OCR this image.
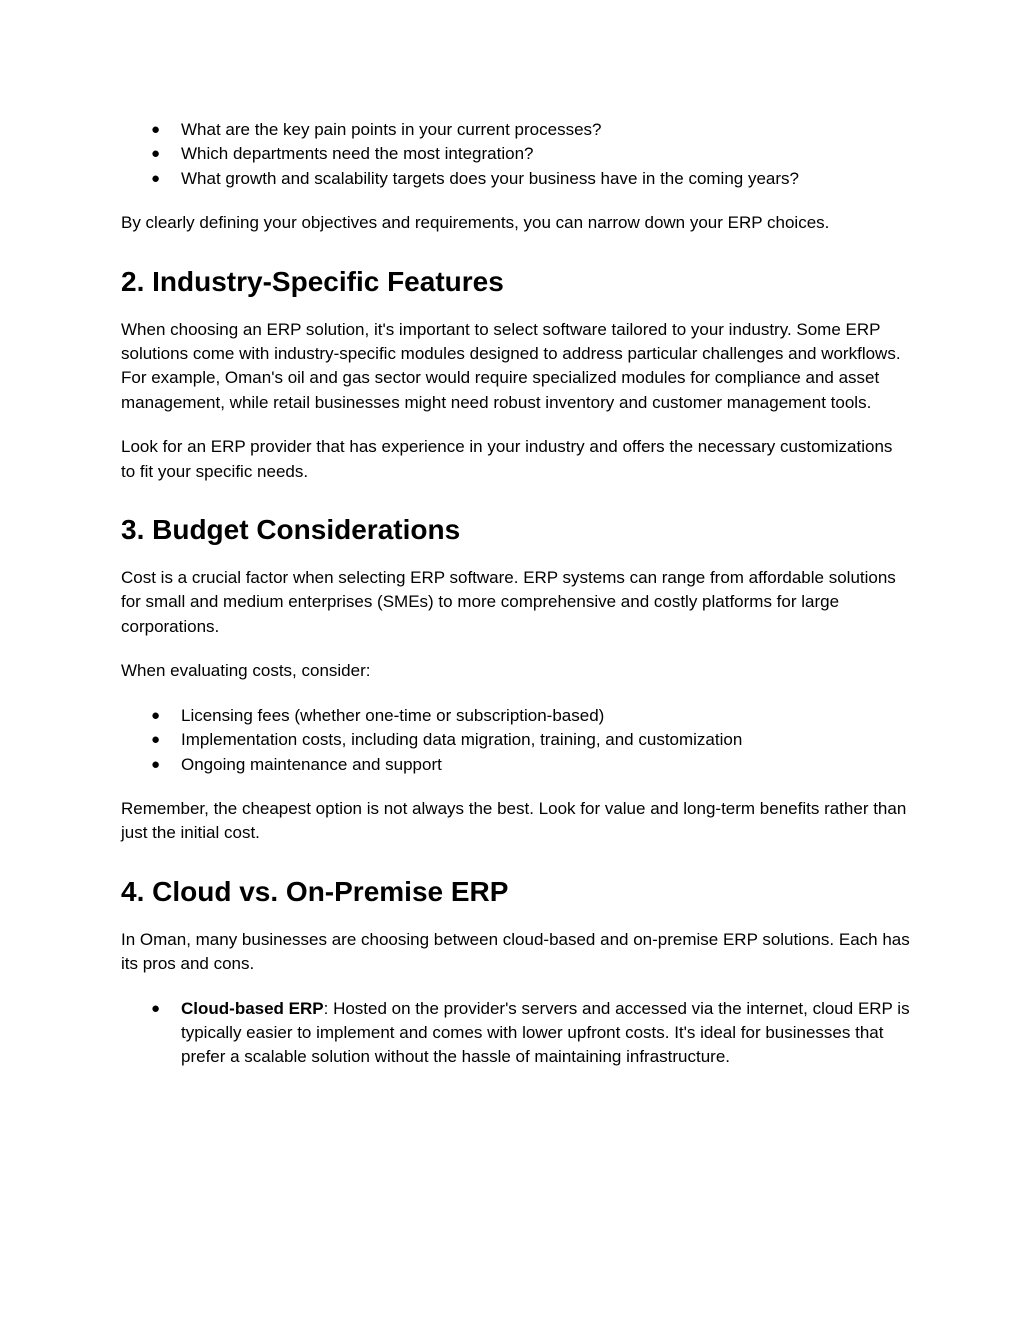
● What are the key pain points in your current processes?
● Which departments need the most integration?
● What growth and scalability targets does your business have in the coming years?

By clearly defining your objectives and requirements, you can narrow down your ERP choices.

2. Industry-Specific Features

When choosing an ERP solution, it's important to select software tailored to your industry. Some ERP solutions come with industry-specific modules designed to address particular challenges and workflows. For example, Oman's oil and gas sector would require specialized modules for compliance and asset management, while retail businesses might need robust inventory and customer management tools.

Look for an ERP provider that has experience in your industry and offers the necessary customizations to fit your specific needs.

3. Budget Considerations

Cost is a crucial factor when selecting ERP software. ERP systems can range from affordable solutions for small and medium enterprises (SMEs) to more comprehensive and costly platforms for large corporations.

When evaluating costs, consider:

● Licensing fees (whether one-time or subscription-based)
● Implementation costs, including data migration, training, and customization
● Ongoing maintenance and support

Remember, the cheapest option is not always the best. Look for value and long-term benefits rather than just the initial cost.

4. Cloud vs. On-Premise ERP

In Oman, many businesses are choosing between cloud-based and on-premise ERP solutions. Each has its pros and cons.

● Cloud-based ERP: Hosted on the provider's servers and accessed via the internet, cloud ERP is typically easier to implement and comes with lower upfront costs. It's ideal for businesses that prefer a scalable solution without the hassle of maintaining infrastructure.
